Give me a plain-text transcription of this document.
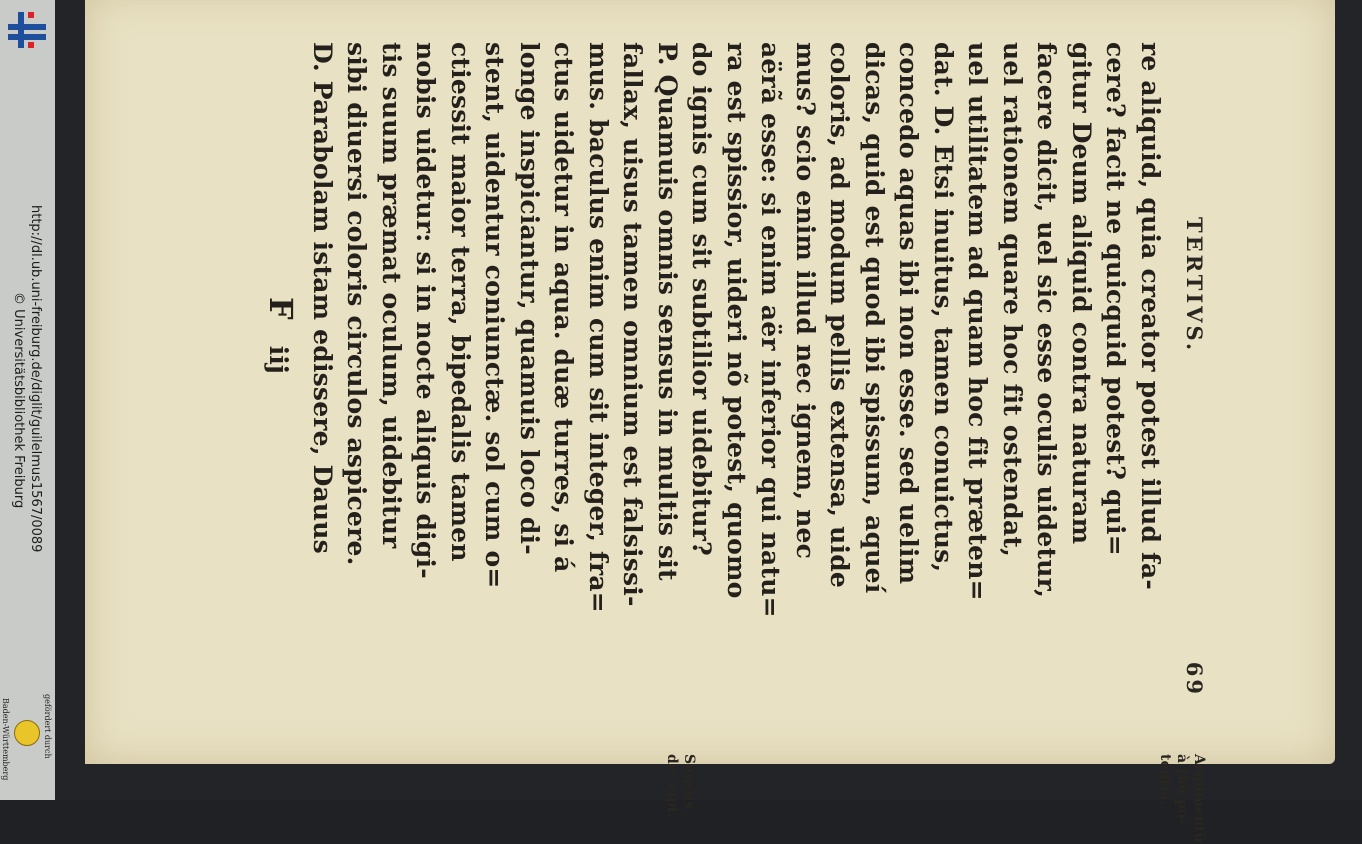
http://dl.ub.uni-freiburg.de/diglit/guilelmus1567/0089
© Universitätsbibliothek Freiburg
gefördert durch
Baden-Württemberg
TERTIVS.
69
re aliquid, quia creator potest illud fa-
cere? facit ne quicquid potest? qui=
gitur Deum aliquid contra naturam
facere dicit, uel sic esse oculis uidetur,
uel rationem quare hoc fit ostendat,
uel utilitatem ad quam hoc fit præten=
dat. D. Etsi inuitus, tamen conuictus,
concedo aquas ibi non esse. sed uelim
dicas, quid est quod ibi spissum, aqueí
coloris, ad modum pellis extensa, uide
mus? scio enim illud nec ignem, nec
aërã esse: si enim aër inferior qui natu=
ra est spissior, uideri nõ potest, quomo
do ignis cum sit subtilior uidebitur?
P. Quamuis omnis sensus in multis sit
fallax, uisus tamen omnium est falsissi-
mus. baculus enim cum sit integer, fra=
ctus uidetur in aqua. duæ turres, si á
longe inspiciantur, quamuis loco di-
stent, uidentur coniunctæ. sol cum o=
ctiessit maior terra, bipedalis tamen
nobis uidetur: si in nocte aliquis digi-
tis suum præmat oculum, uidebitur
sibi diuersi coloris circulos aspicere.
D. Parabolam istam edissere, Dauus
Fiij
Argumentũ à Dei po- tentia.
Sensus de- cipi.
